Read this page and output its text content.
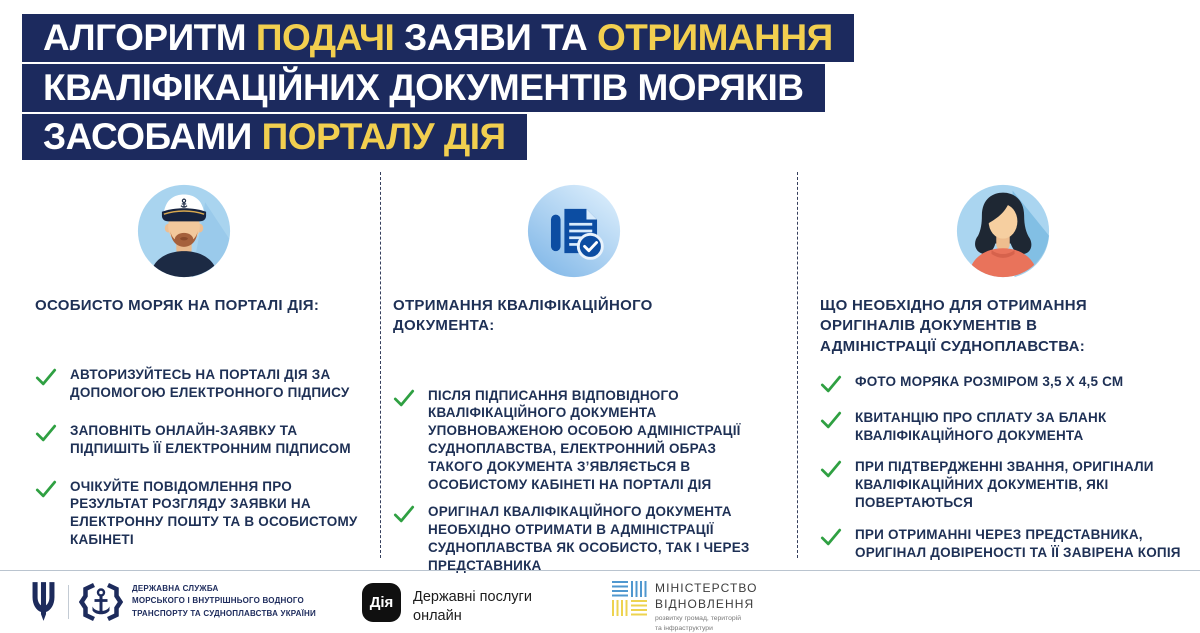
АЛГОРИТМ ПОДАЧІ ЗАЯВИ ТА ОТРИМАННЯ
КВАЛІФІКАЦІЙНИХ ДОКУМЕНТІВ МОРЯКІВ
ЗАСОБАМИ ПОРТАЛУ ДІЯ
ОСОБИСТО МОРЯК НА ПОРТАЛІ ДІЯ:
АВТОРИЗУЙТЕСЬ НА ПОРТАЛІ ДІЯ ЗА ДОПОМОГОЮ ЕЛЕКТРОННОГО ПІДПИСУ
ЗАПОВНІТЬ ОНЛАЙН-ЗАЯВКУ ТА ПІДПИШІТЬ ЇЇ ЕЛЕКТРОННИМ ПІДПИСОМ
ОЧІКУЙТЕ ПОВІДОМЛЕННЯ ПРО РЕЗУЛЬТАТ РОЗГЛЯДУ ЗАЯВКИ НА ЕЛЕКТРОННУ ПОШТУ ТА В ОСОБИСТОМУ КАБІНЕТІ
ОТРИМАННЯ КВАЛІФІКАЦІЙНОГО ДОКУМЕНТА:
ПІСЛЯ ПІДПИСАННЯ ВІДПОВІДНОГО КВАЛІФІКАЦІЙНОГО ДОКУМЕНТА УПОВНОВАЖЕНОЮ ОСОБОЮ АДМІНІСТРАЦІЇ СУДНОПЛАВСТВА, ЕЛЕКТРОННИЙ ОБРАЗ ТАКОГО ДОКУМЕНТА З’ЯВЛЯЄТЬСЯ В ОСОБИСТОМУ КАБІНЕТІ НА ПОРТАЛІ ДІЯ
ОРИГІНАЛ КВАЛІФІКАЦІЙНОГО ДОКУМЕНТА НЕОБХІДНО ОТРИМАТИ В АДМІНІСТРАЦІЇ СУДНОПЛАВСТВА ЯК ОСОБИСТО, ТАК І ЧЕРЕЗ ПРЕДСТАВНИКА
ЩО НЕОБХІДНО ДЛЯ ОТРИМАННЯ ОРИГІНАЛІВ ДОКУМЕНТІВ В АДМІНІСТРАЦІЇ СУДНОПЛАВСТВА:
ФОТО МОРЯКА РОЗМІРОМ 3,5 Х 4,5 СМ
КВИТАНЦІЮ ПРО СПЛАТУ ЗА БЛАНК КВАЛІФІКАЦІЙНОГО ДОКУМЕНТА
ПРИ ПІДТВЕРДЖЕННІ ЗВАННЯ, ОРИГІНАЛИ КВАЛІФІКАЦІЙНИХ ДОКУМЕНТІВ, ЯКІ ПОВЕРТАЮТЬСЯ
ПРИ ОТРИМАННІ ЧЕРЕЗ ПРЕДСТАВНИКА, ОРИГІНАЛ ДОВІРЕНОСТІ ТА ЇЇ ЗАВІРЕНА КОПІЯ
ДЕРЖАВНА СЛУЖБА
МОРСЬКОГО І ВНУТРІШНЬОГО ВОДНОГО
ТРАНСПОРТУ ТА СУДНОПЛАВСТВА УКРАЇНИ
Дія Державні послуги
онлайн
МІНІСТЕРСТВО
ВІДНОВЛЕННЯ
розвитку громад, територій
та інфраструктури
